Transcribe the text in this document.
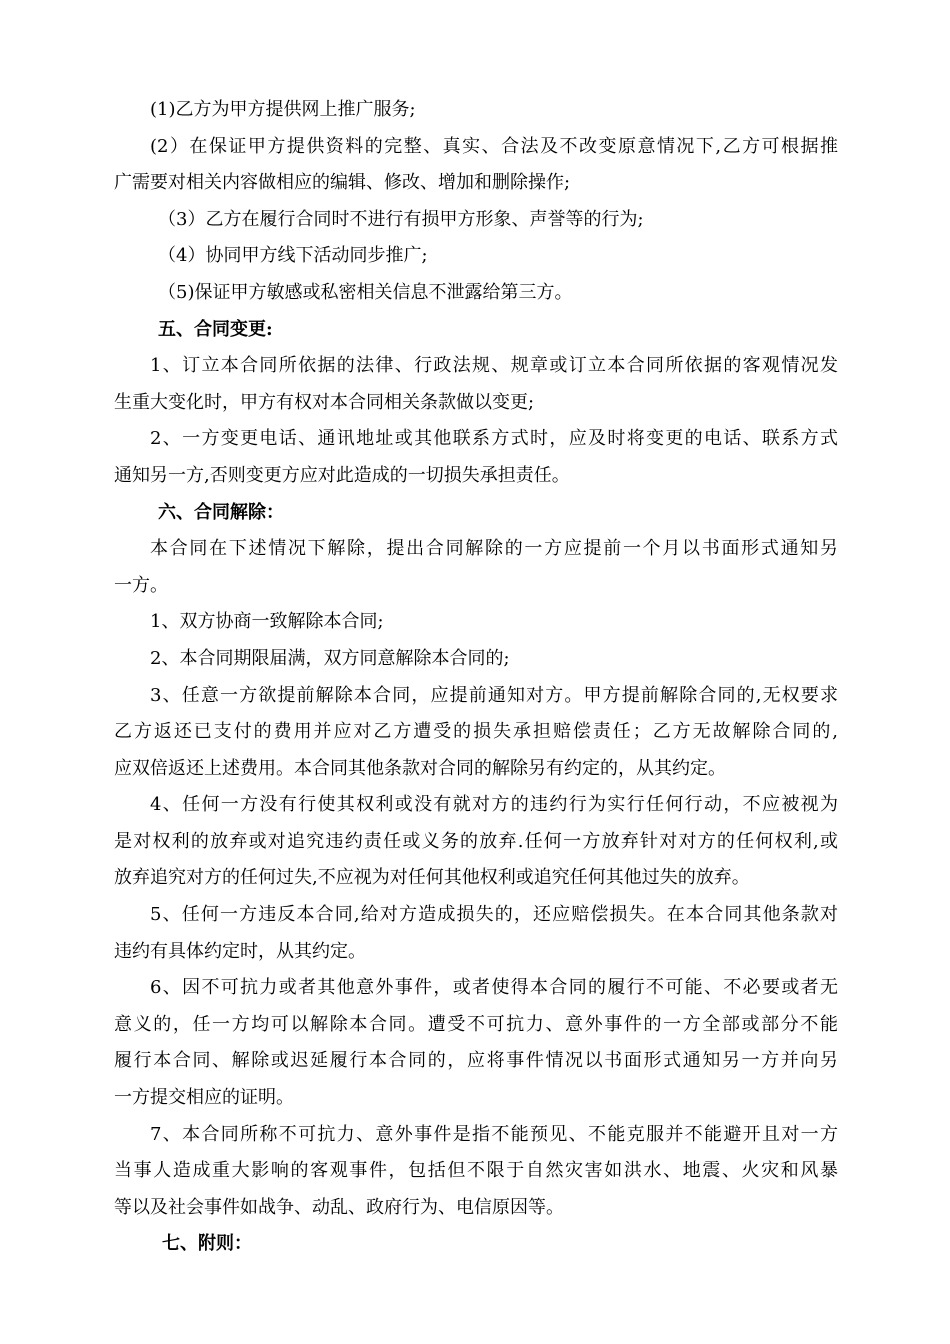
(1)乙方为甲方提供网上推广服务;
(2）在保证甲方提供资料的完整、真实、合法及不改变原意情况下,乙方可根据推
广需要对相关内容做相应的编辑、修改、增加和删除操作;
（3）乙方在履行合同时不进行有损甲方形象、声誉等的行为;
（4）协同甲方线下活动同步推广;
（5)保证甲方敏感或私密相关信息不泄露给第三方。
五、合同变更:
1、订立本合同所依据的法律、行政法规、规章或订立本合同所依据的客观情况发
生重大变化时，甲方有权对本合同相关条款做以变更;
2、一方变更电话、通讯地址或其他联系方式时，应及时将变更的电话、联系方式
通知另一方,否则变更方应对此造成的一切损失承担责任。
六、合同解除：
本合同在下述情况下解除，提出合同解除的一方应提前一个月以书面形式通知另
一方。
1、双方协商一致解除本合同;
2、本合同期限届满，双方同意解除本合同的;
3、任意一方欲提前解除本合同，应提前通知对方。甲方提前解除合同的,无权要求
乙方返还已支付的费用并应对乙方遭受的损失承担赔偿责任；乙方无故解除合同的,
应双倍返还上述费用。本合同其他条款对合同的解除另有约定的，从其约定。
4、任何一方没有行使其权利或没有就对方的违约行为实行任何行动，不应被视为
是对权利的放弃或对追究违约责任或义务的放弃.任何一方放弃针对对方的任何权利,或
放弃追究对方的任何过失,不应视为对任何其他权利或追究任何其他过失的放弃。
5、任何一方违反本合同,给对方造成损失的，还应赔偿损失。在本合同其他条款对
违约有具体约定时，从其约定。
6、因不可抗力或者其他意外事件，或者使得本合同的履行不可能、不必要或者无
意义的，任一方均可以解除本合同。遭受不可抗力、意外事件的一方全部或部分不能
履行本合同、解除或迟延履行本合同的，应将事件情况以书面形式通知另一方并向另
一方提交相应的证明。
7、本合同所称不可抗力、意外事件是指不能预见、不能克服并不能避开且对一方
当事人造成重大影响的客观事件，包括但不限于自然灾害如洪水、地震、火灾和风暴
等以及社会事件如战争、动乱、政府行为、电信原因等。
七、附则：
